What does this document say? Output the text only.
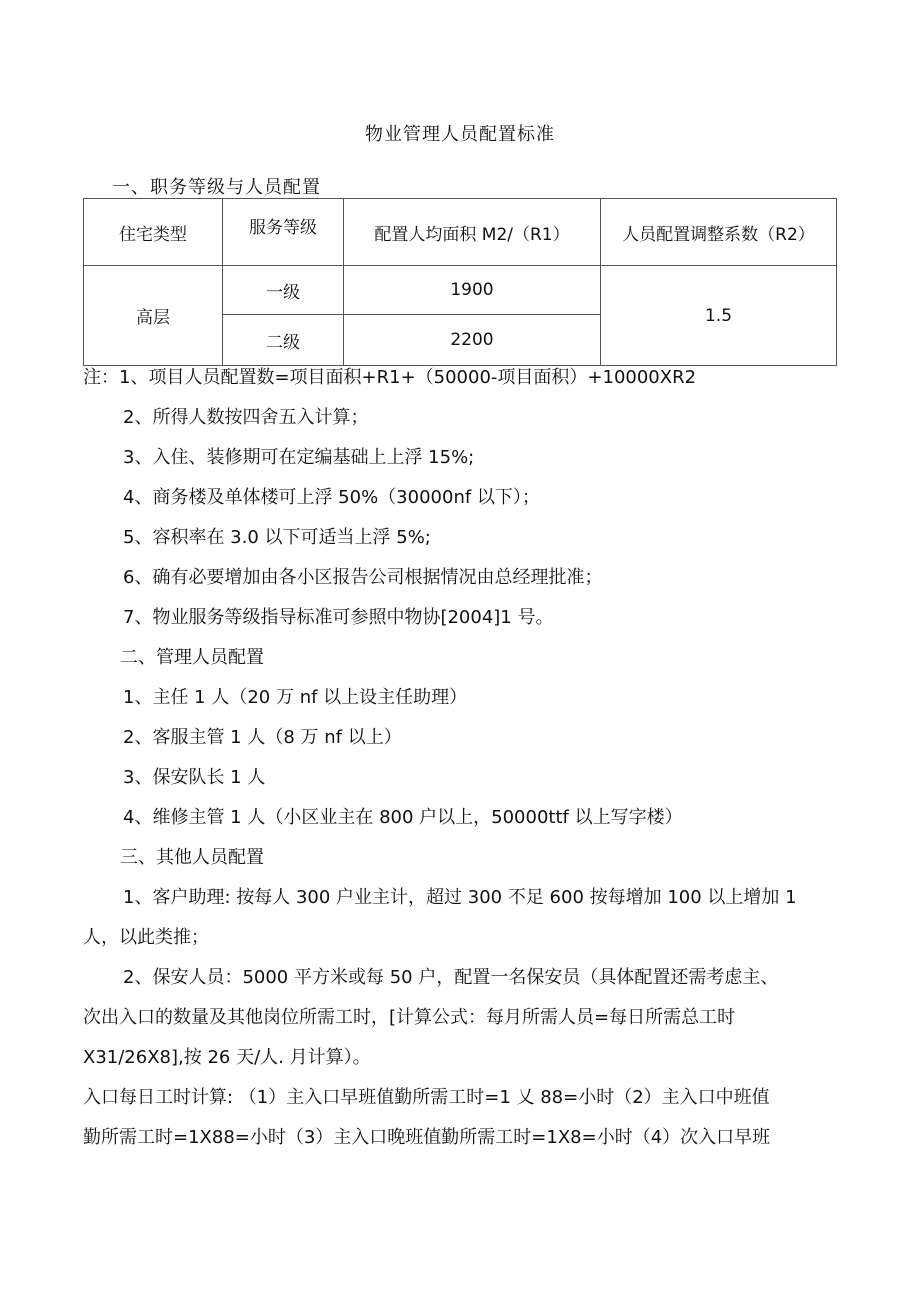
物业管理人员配置标准
一、职务等级与人员配置
住宅类型	服务等级	配置人均面积 M2/（R1）	人员配置调整系数（R2）
高层	一级	1900	1.5
	二级	2200	
注：1、项目人员配置数=项目面积+R1+（50000-项目面积）+10000XR2
2、所得人数按四舍五入计算；
3、入住、装修期可在定编基础上上浮 15%;
4、商务楼及单体楼可上浮 50%（30000nf 以下）；
5、容积率在 3.0 以下可适当上浮 5%;
6、确有必要增加由各小区报告公司根据情况由总经理批准；
7、物业服务等级指导标准可参照中物协[2004]1 号。
二、管理人员配置
1、主任 1 人（20 万 nf 以上设主任助理）
2、客服主管 1 人（8 万 nf 以上）
3、保安队长 1 人
4、维修主管 1 人（小区业主在 800 户以上，50000ttf 以上写字楼）
三、其他人员配置
1、客户助理: 按每人 300 户业主计，超过 300 不足 600 按每增加 100 以上增加 1
人，以此类推；
2、保安人员：5000 平方米或每 50 户，配置一名保安员（具体配置还需考虑主、
次出入口的数量及其他岗位所需工时，[计算公式：每月所需人员=每日所需总工时
X31/26X8],按 26 天/人. 月计算）。
入口每日工时计算: （1）主入口早班值勤所需工时=1 乂 88=小时（2）主入口中班值
勤所需工时=1X88=小时（3）主入口晚班值勤所需工时=1X8=小时（4）次入口早班
